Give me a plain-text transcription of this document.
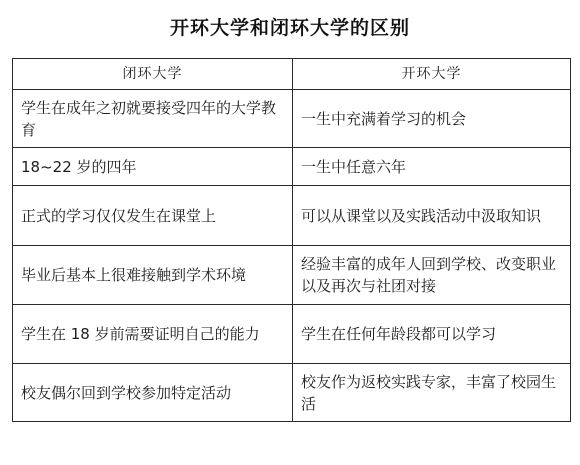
开环大学和闭环大学的区别
闭环大学	开环大学
学生在成年之初就要接受四年的大学教育	一生中充满着学习的机会
18~22 岁的四年	一生中任意六年
正式的学习仅仅发生在课堂上	可以从课堂以及实践活动中汲取知识
毕业后基本上很难接触到学术环境	经验丰富的成年人回到学校、改变职业以及再次与社团对接
学生在 18 岁前需要证明自己的能力	学生在任何年龄段都可以学习
校友偶尔回到学校参加特定活动	校友作为返校实践专家，丰富了校园生活
